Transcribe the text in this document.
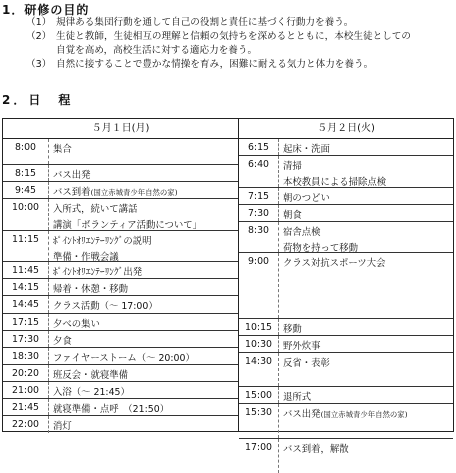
1．研修の目的
（1） 規律ある集団行動を通して自己の役割と責任に基づく行動力を養う。
（2） 生徒と教師，生徒相互の理解と信頼の気持ちを深めるとともに，本校生徒としての
自覚を高め，高校生活に対する適応力を養う。
（3） 自然に接することで豊かな情操を育み，困難に耐える気力と体力を養う。
2．日　程
５月１日(月)	５月２日(火)
8:00	集合
8:15	バス出発
9:45	バス到着(国立赤城青少年自然の家)
10:00	入所式，続いて講話
講演「ボランティア活動について」
11:15	ﾎﾟｲﾝﾄｵﾘｴﾝﾃｰﾘﾝｸﾞの説明
準備・作戦会議
11:45	ﾎﾟｲﾝﾄｵﾘｴﾝﾃｰﾘﾝｸﾞ出発
14:15	帰着・休憩・移動
14:45	クラス活動（～ 17:00）
17:15	夕べの集い
17:30	夕食
18:30	ファイヤーストーム（～ 20:00）
20:20	班反会・就寝準備
21:00	入浴（～ 21:45）
21:45	就寝準備・点呼　（21:50）
22:00	消灯
6:15	起床・洗面
6:40	清掃
本校教員による掃除点検
7:15	朝のつどい
7:30	朝食
8:30	宿舎点検
荷物を持って移動
9:00	クラス対抗スポーツ大会
10:15	移動
10:30	野外炊事
14:30	反省・表彰
15:00	退所式
15:30	バス出発(国立赤城青少年自然の家)
17:00	バス到着，解散
